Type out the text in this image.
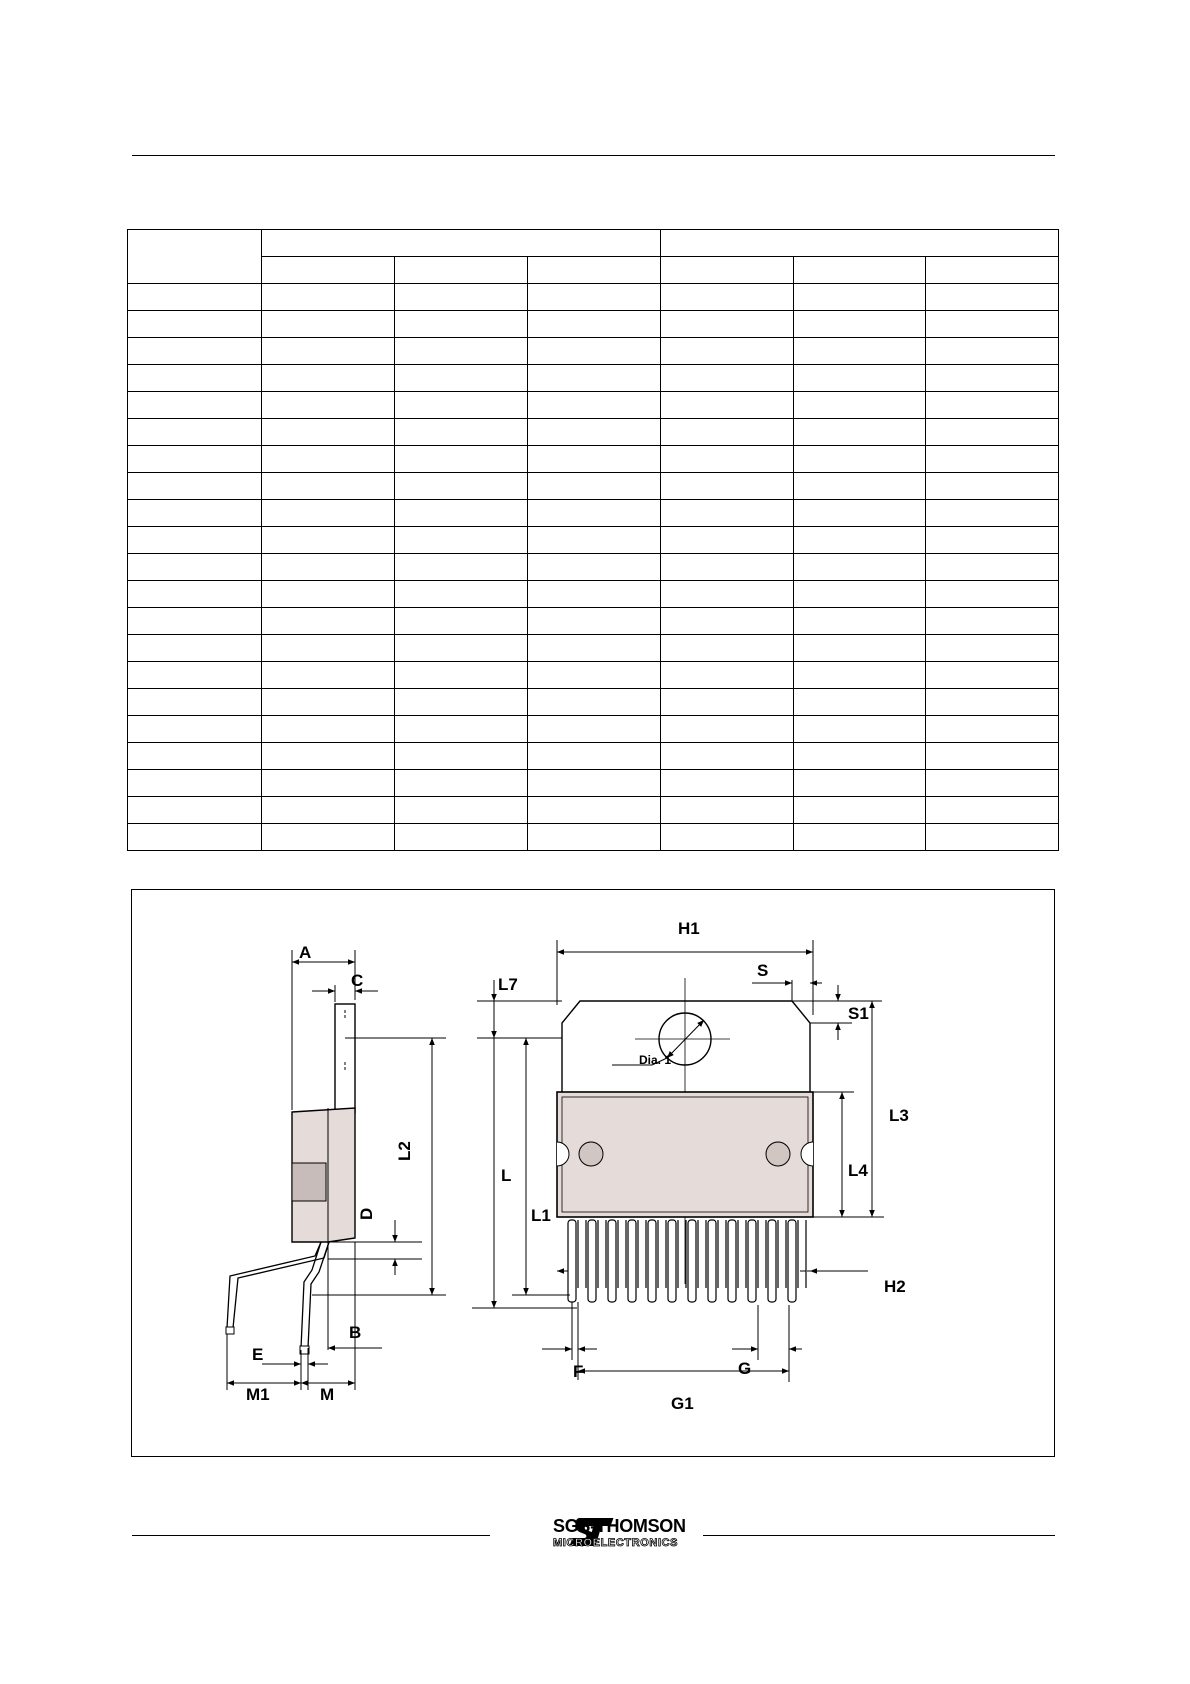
A
C
L2
D
B
E
M1	M
H1
S
L7
S1
Dia. 1
L3
L
L1
L4
H2
F	G
G1
SGS-THOMSON
MICROELECTRONICS
